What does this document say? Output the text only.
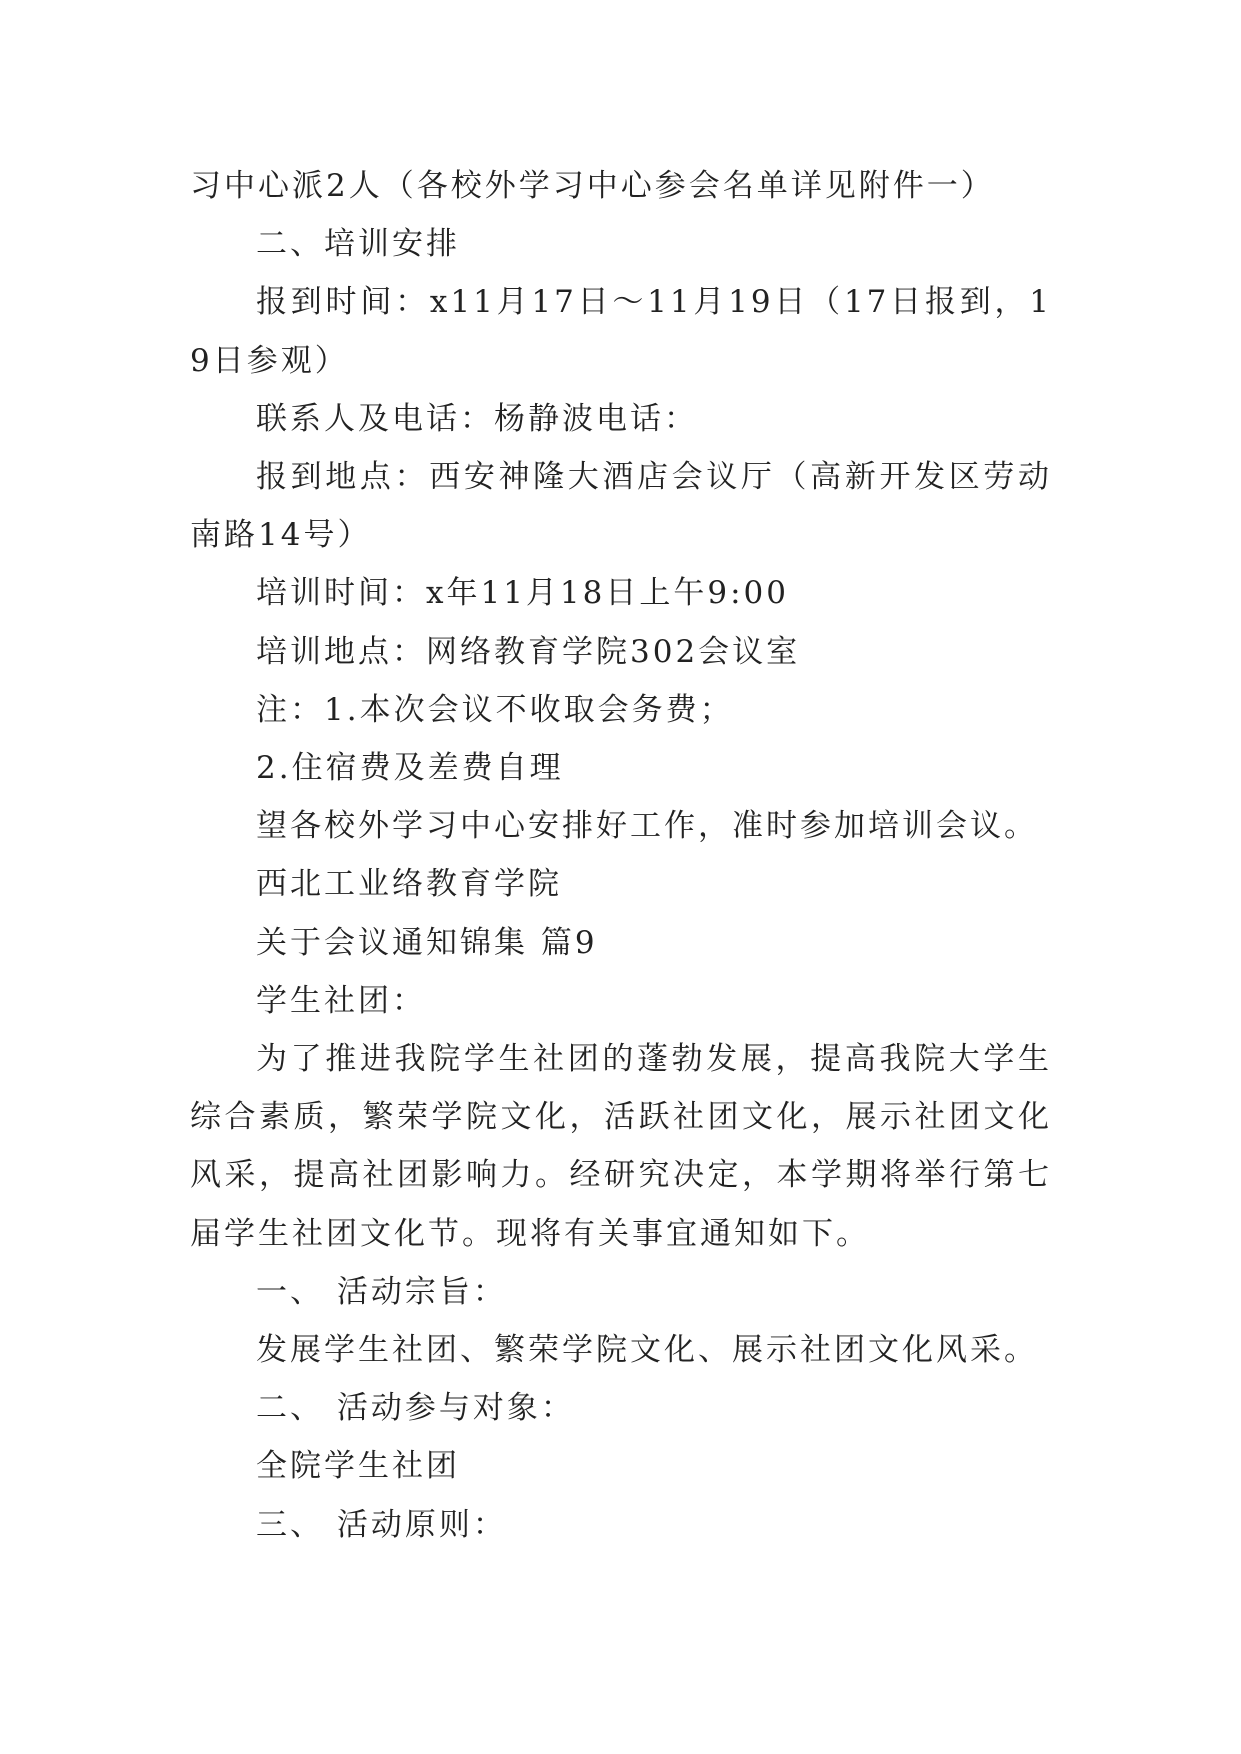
习中心派2人（各校外学习中心参会名单详见附件一）

二、培训安排

报到时间：x11月17日～11月19日（17日报到，19日参观）

联系人及电话：杨静波电话：

报到地点：西安神隆大酒店会议厅（高新开发区劳动南路14号）

培训时间：x年11月18日上午9:00

培训地点：网络教育学院302会议室

注：1.本次会议不收取会务费；

2.住宿费及差费自理

望各校外学习中心安排好工作，准时参加培训会议。

西北工业络教育学院

关于会议通知锦集 篇9

学生社团：

为了推进我院学生社团的蓬勃发展，提高我院大学生综合素质，繁荣学院文化，活跃社团文化，展示社团文化风采，提高社团影响力。经研究决定，本学期将举行第七届学生社团文化节。现将有关事宜通知如下。

一、 活动宗旨：

发展学生社团、繁荣学院文化、展示社团文化风采。

二、 活动参与对象：

全院学生社团

三、 活动原则：
